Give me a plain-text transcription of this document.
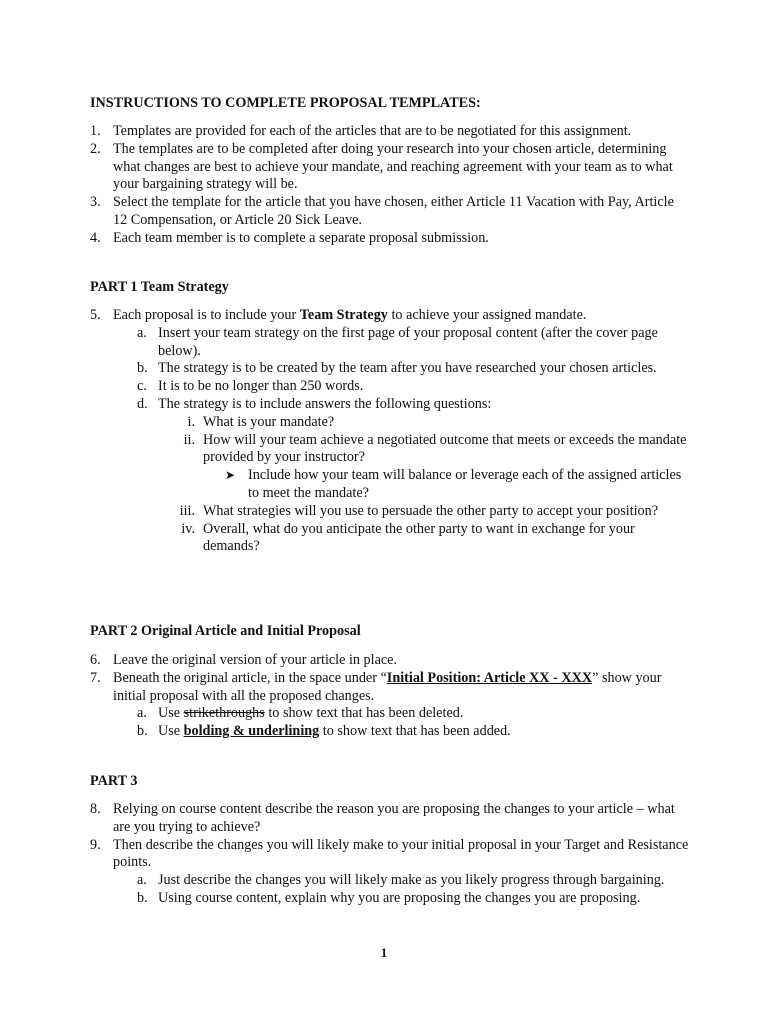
INSTRUCTIONS TO COMPLETE PROPOSAL TEMPLATES:
1. Templates are provided for each of the articles that are to be negotiated for this assignment.
2. The templates are to be completed after doing your research into your chosen article, determining what changes are best to achieve your mandate, and reaching agreement with your team as to what your bargaining strategy will be.
3. Select the template for the article that you have chosen, either Article 11 Vacation with Pay, Article 12 Compensation, or Article 20 Sick Leave.
4. Each team member is to complete a separate proposal submission.
PART 1 Team Strategy
5. Each proposal is to include your Team Strategy to achieve your assigned mandate.
a. Insert your team strategy on the first page of your proposal content (after the cover page below).
b. The strategy is to be created by the team after you have researched your chosen articles.
c. It is to be no longer than 250 words.
d. The strategy is to include answers the following questions:
i. What is your mandate?
ii. How will your team achieve a negotiated outcome that meets or exceeds the mandate provided by your instructor?
➤ Include how your team will balance or leverage each of the assigned articles to meet the mandate?
iii. What strategies will you use to persuade the other party to accept your position?
iv. Overall, what do you anticipate the other party to want in exchange for your demands?
PART 2 Original Article and Initial Proposal
6. Leave the original version of your article in place.
7. Beneath the original article, in the space under “Initial Position: Article XX - XXX” show your initial proposal with all the proposed changes.
a. Use strikethroughs to show text that has been deleted.
b. Use bolding & underlining to show text that has been added.
PART 3
8. Relying on course content describe the reason you are proposing the changes to your article – what are you trying to achieve?
9. Then describe the changes you will likely make to your initial proposal in your Target and Resistance points.
a. Just describe the changes you will likely make as you likely progress through bargaining.
b. Using course content, explain why you are proposing the changes you are proposing.
1
